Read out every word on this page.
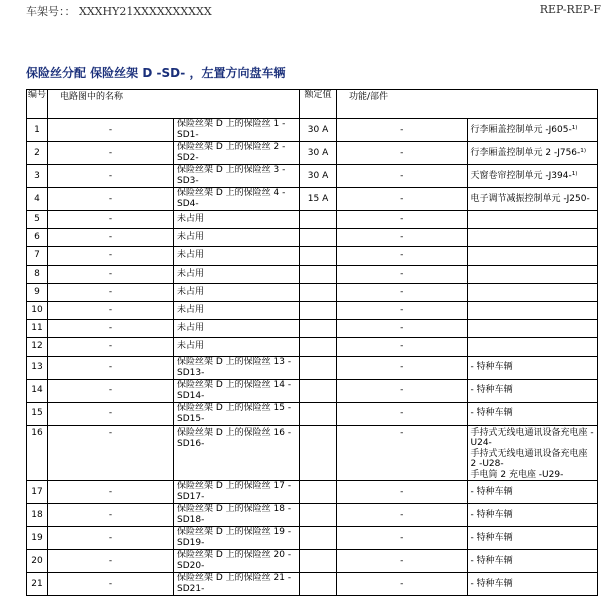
车架号：： XXXHY21XXXXXXXXXX	REP-REP-F
保险丝分配 保险丝架 D -SD- ，左置方向盘车辆
编号	电路图中的名称		额定值	功能/部件	
1	-	保险丝架 D 上的保险丝 1 -SD1-	30 A	-	行李厢盖控制单元 -J605-¹⁾

2	-	保险丝架 D 上的保险丝 2 -SD2-	30 A	-	行李厢盖控制单元 2 -J756-¹⁾

3	-	保险丝架 D 上的保险丝 3 -SD3-	30 A	-	天窗卷帘控制单元 -J394-¹⁾

4	-	保险丝架 D 上的保险丝 4 -SD4-	15 A	-	电子调节减振控制单元 -J250-

5	-	未占用		-	
6	-	未占用		-	
7	-	未占用		-	
8	-	未占用		-	
9	-	未占用		-	
10	-	未占用		-	
11	-	未占用		-	
12	-	未占用		-	
13	-	保险丝架 D 上的保险丝 13 -SD13-		-	- 特种车辆

14	-	保险丝架 D 上的保险丝 14 -SD14-		-	- 特种车辆

15	-	保险丝架 D 上的保险丝 15 -SD15-		-	- 特种车辆

16	-	保险丝架 D 上的保险丝 16 -SD16-		-	手持式无线电通讯设备充电座 -U24-
手持式无线电通讯设备充电座 2 -U28-
手电筒 2 充电座 -U29-

17	-	保险丝架 D 上的保险丝 17 -SD17-		-	- 特种车辆

18	-	保险丝架 D 上的保险丝 18 -SD18-		-	- 特种车辆

19	-	保险丝架 D 上的保险丝 19 -SD19-		-	- 特种车辆

20	-	保险丝架 D 上的保险丝 20 -SD20-		-	- 特种车辆

21	-	保险丝架 D 上的保险丝 21 -SD21-		-	- 特种车辆
